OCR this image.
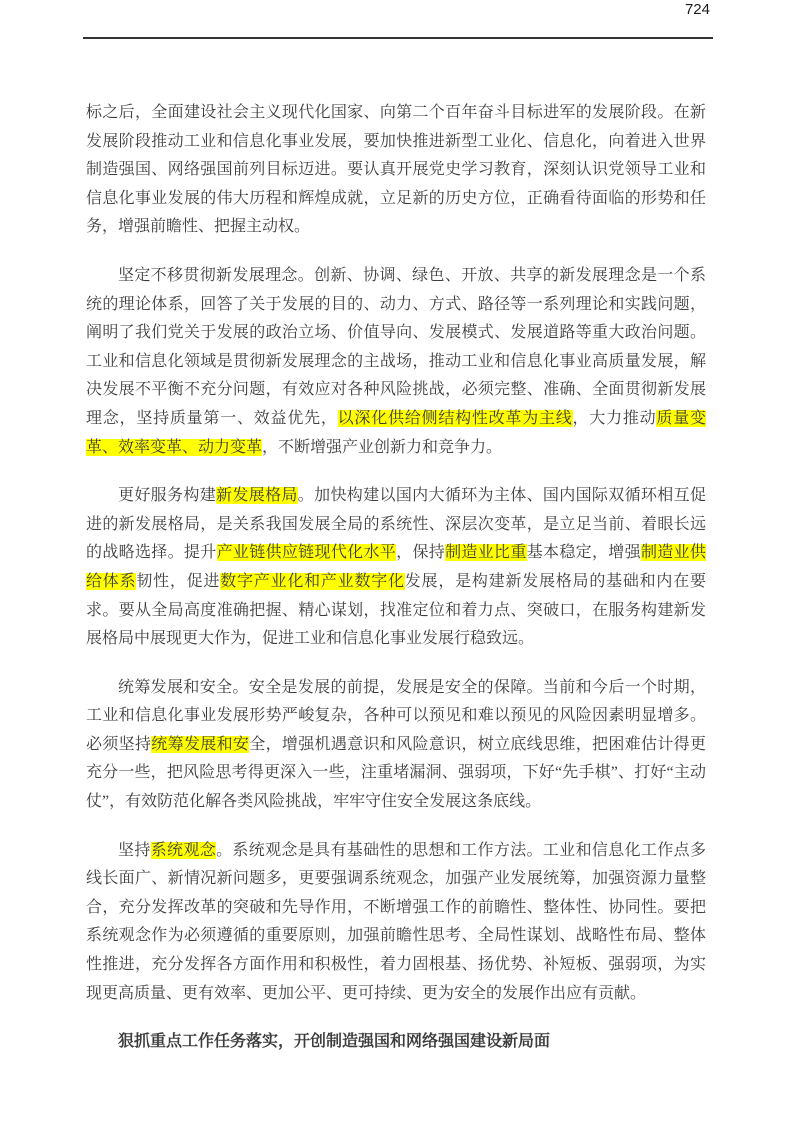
724

标之后，全面建设社会主义现代化国家、向第二个百年奋斗目标进军的发展阶段。在新发展阶段推动工业和信息化事业发展，要加快推进新型工业化、信息化，向着进入世界制造强国、网络强国前列目标迈进。要认真开展党史学习教育，深刻认识党领导工业和信息化事业发展的伟大历程和辉煌成就，立足新的历史方位，正确看待面临的形势和任务，增强前瞻性、把握主动权。

坚定不移贯彻新发展理念。创新、协调、绿色、开放、共享的新发展理念是一个系统的理论体系，回答了关于发展的目的、动力、方式、路径等一系列理论和实践问题，阐明了我们党关于发展的政治立场、价值导向、发展模式、发展道路等重大政治问题。工业和信息化领域是贯彻新发展理念的主战场，推动工业和信息化事业高质量发展，解决发展不平衡不充分问题，有效应对各种风险挑战，必须完整、准确、全面贯彻新发展理念，坚持质量第一、效益优先，以深化供给侧结构性改革为主线，大力推动质量变革、效率变革、动力变革，不断增强产业创新力和竞争力。

更好服务构建新发展格局。加快构建以国内大循环为主体、国内国际双循环相互促进的新发展格局，是关系我国发展全局的系统性、深层次变革，是立足当前、着眼长远的战略选择。提升产业链供应链现代化水平，保持制造业比重基本稳定，增强制造业供给体系韧性，促进数字产业化和产业数字化发展，是构建新发展格局的基础和内在要求。要从全局高度准确把握、精心谋划，找准定位和着力点、突破口，在服务构建新发展格局中展现更大作为，促进工业和信息化事业发展行稳致远。

统筹发展和安全。安全是发展的前提，发展是安全的保障。当前和今后一个时期，工业和信息化事业发展形势严峻复杂，各种可以预见和难以预见的风险因素明显增多。必须坚持统筹发展和安全，增强机遇意识和风险意识，树立底线思维，把困难估计得更充分一些，把风险思考得更深入一些，注重堵漏洞、强弱项，下好“先手棋”、打好“主动仗”，有效防范化解各类风险挑战，牢牢守住安全发展这条底线。

坚持系统观念。系统观念是具有基础性的思想和工作方法。工业和信息化工作点多线长面广、新情况新问题多，更要强调系统观念，加强产业发展统筹，加强资源力量整合，充分发挥改革的突破和先导作用，不断增强工作的前瞻性、整体性、协同性。要把系统观念作为必须遵循的重要原则，加强前瞻性思考、全局性谋划、战略性布局、整体性推进，充分发挥各方面作用和积极性，着力固根基、扬优势、补短板、强弱项，为实现更高质量、更有效率、更加公平、更可持续、更为安全的发展作出应有贡献。

狠抓重点工作任务落实，开创制造强国和网络强国建设新局面
